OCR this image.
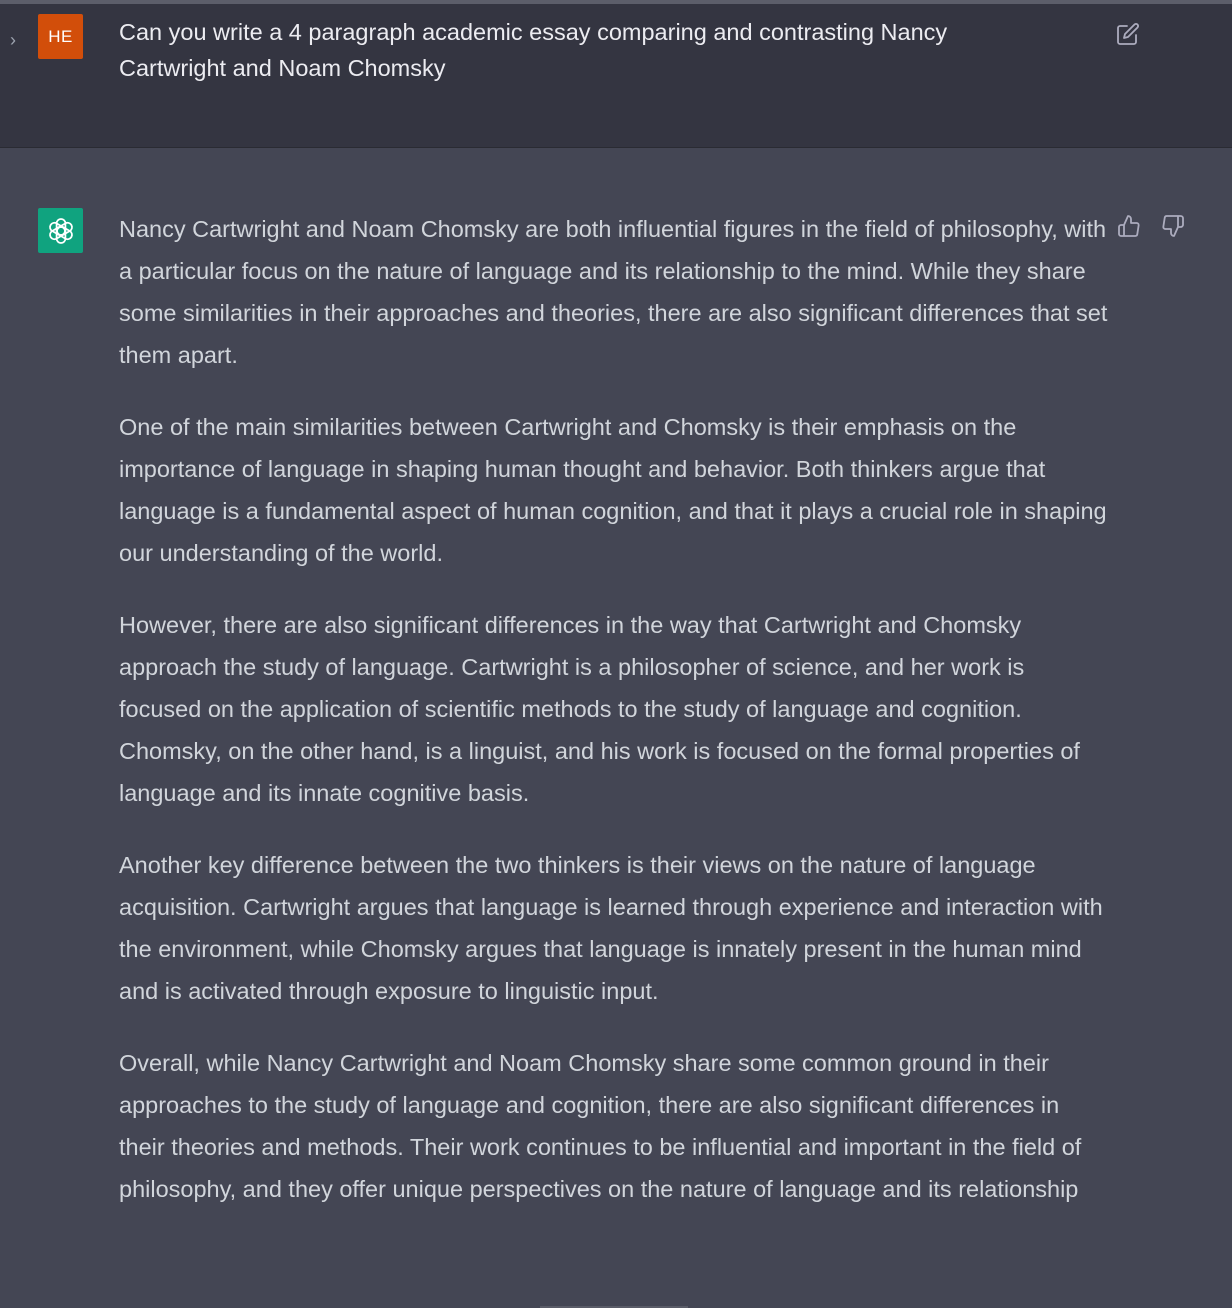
›	HE	Can you write a 4 paragraph academic essay comparing and contrasting Nancy Cartwright and Noam Chomsky

Nancy Cartwright and Noam Chomsky are both influential figures in the field of philosophy, with a particular focus on the nature of language and its relationship to the mind. While they share some similarities in their approaches and theories, there are also significant differences that set them apart.

One of the main similarities between Cartwright and Chomsky is their emphasis on the importance of language in shaping human thought and behavior. Both thinkers argue that language is a fundamental aspect of human cognition, and that it plays a crucial role in shaping our understanding of the world.

However, there are also significant differences in the way that Cartwright and Chomsky approach the study of language. Cartwright is a philosopher of science, and her work is focused on the application of scientific methods to the study of language and cognition. Chomsky, on the other hand, is a linguist, and his work is focused on the formal properties of language and its innate cognitive basis.

Another key difference between the two thinkers is their views on the nature of language acquisition. Cartwright argues that language is learned through experience and interaction with the environment, while Chomsky argues that language is innately present in the human mind and is activated through exposure to linguistic input.

Overall, while Nancy Cartwright and Noam Chomsky share some common ground in their approaches to the study of language and cognition, there are also significant differences in their theories and methods. Their work continues to be influential and important in the field of philosophy, and they offer unique perspectives on the nature of language and its relationship
